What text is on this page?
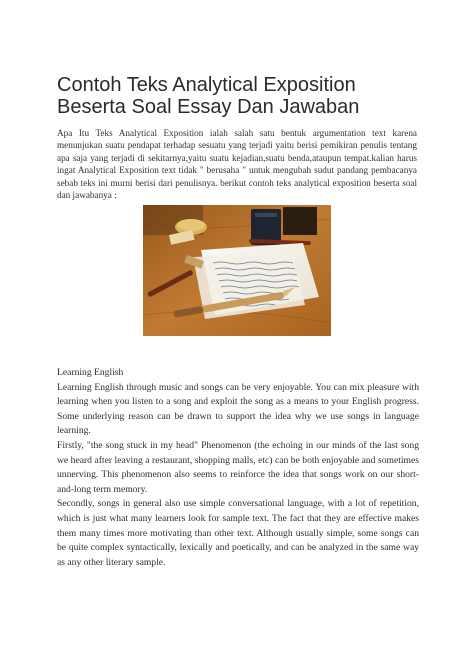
Contoh Teks Analytical Exposition
Beserta Soal Essay Dan Jawaban

Apa Itu Teks Analytical Exposition ialah salah satu bentuk argumentation text karena menunjukan suatu pendapat terhadap sesuatu yang terjadi yaitu berisi pemikiran penulis tentang apa saja yang terjadi di sekitarnya,yaitu suatu kejadian,suatu benda,ataupun tempat.kalian harus ingat Analytical Exposition text tidak " berusaha " untuk mengubah sudut pandang pembacanya sebab teks ini murni berisi dari penulisnya. berikut contoh teks analytical exposition beserta soal dan jawabanya :

Learning English

Learning English through music and songs can be very enjoyable. You can mix pleasure with learning when you listen to a song and exploit the song as a means to your English progress. Some underlying reason can be drawn to support the idea why we use songs in language learning.

Firstly, "the song stuck in my head" Phenomenon (the echoing in our minds of the last song we heard after leaving a restaurant, shopping malls, etc) can be both enjoyable and sometimes unnerving. This phenomenon also seems to reinforce the idea that songs work on our short- and-long term memory.

Secondly, songs in general also use simple conversational language, with a lot of repetition, which is just what many learners look for sample text. The fact that they are effective makes them many times more motivating than other text. Although usually simple, some songs can be quite complex syntactically, lexically and poetically, and can be analyzed in the same way as any other literary sample.
